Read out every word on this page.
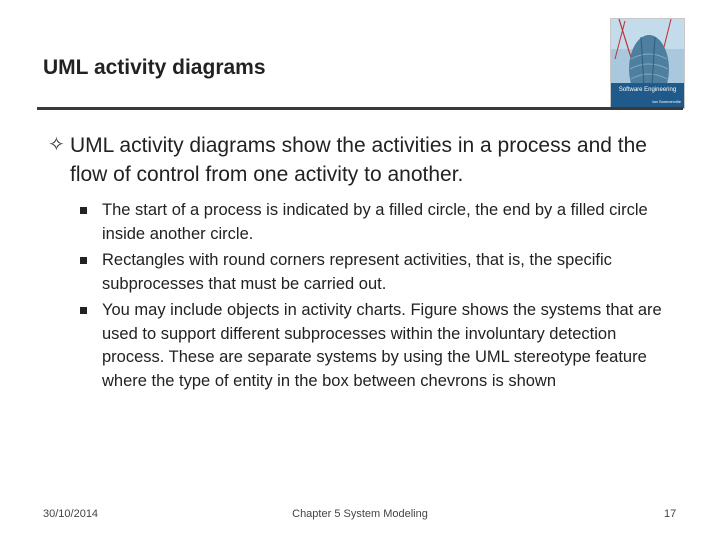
UML activity diagrams
Software Engineering
Ian Sommerville
✧ UML activity diagrams show the activities in a process and the flow of control from one activity to another.
The start of a process is indicated by a filled circle, the end by a filled circle inside another circle.
Rectangles with round corners represent activities, that is, the specific subprocesses that must be carried out.
You may include objects in activity charts. Figure shows the systems that are used to support different subprocesses within the involuntary detection process. These are separate systems by using the UML stereotype feature where the type of entity in the box between chevrons is shown
30/10/2014	Chapter 5 System Modeling	17
